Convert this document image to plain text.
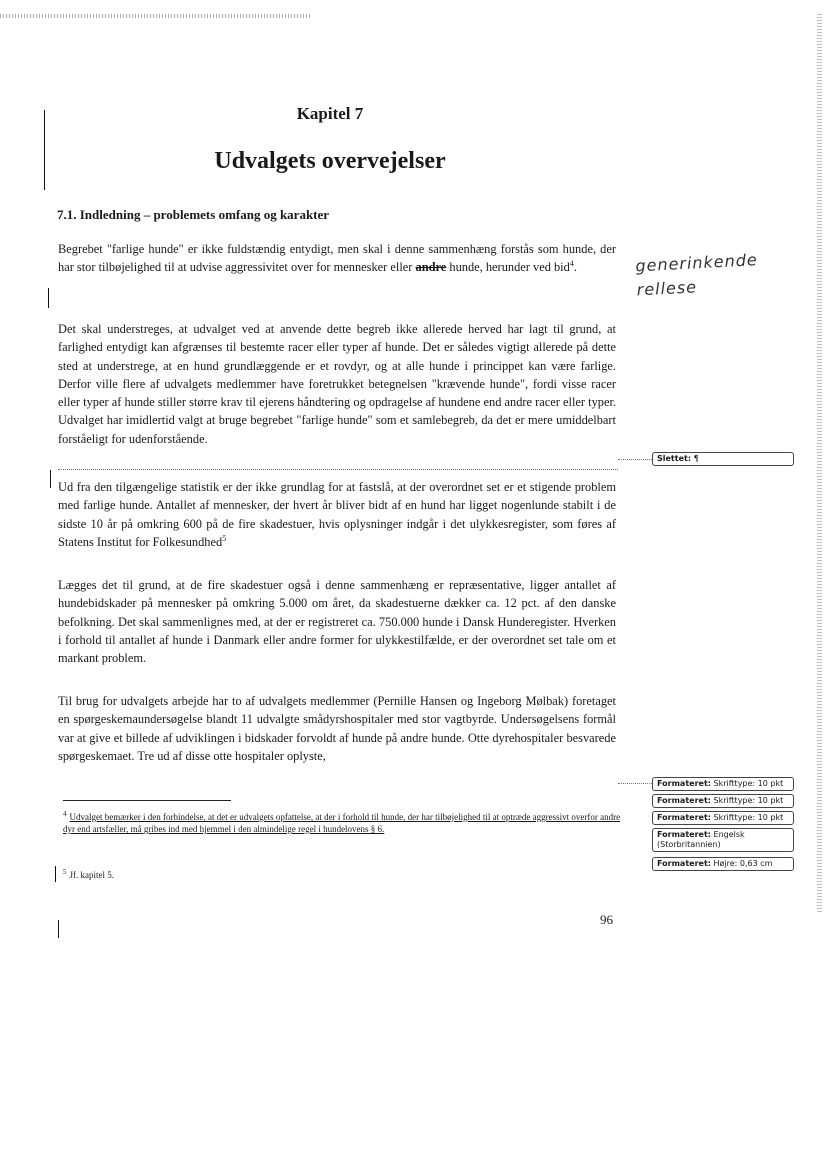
Kapitel 7
Udvalgets overvejelser
7.1. Indledning – problemets omfang og karakter
Begrebet "farlige hunde" er ikke fuldstændig entydigt, men skal i denne sammenhæng forstås som hunde, der har stor tilbøjelighed til at udvise aggressivitet over for mennesker eller andre hunde, herunder ved bid$^4$.
Det skal understreges, at udvalget ved at anvende dette begreb ikke allerede herved har lagt til grund, at farlighed entydigt kan afgrænses til bestemte racer eller typer af hunde. Det er således vigtigt allerede på dette sted at understrege, at en hund grundlæggende er et rovdyr, og at alle hunde i princippet kan være farlige. Derfor ville flere af udvalgets medlemmer have foretrukket betegnelsen "krævende hunde", fordi visse racer eller typer af hunde stiller større krav til ejerens håndtering og opdragelse af hundene end andre racer eller typer. Udvalget har imidlertid valgt at bruge begrebet "farlige hunde" som et samlebegreb, da det er mere umiddelbart forståeligt for udenforstående.
Ud fra den tilgængelige statistik er der ikke grundlag for at fastslå, at der overordnet set er et stigende problem med farlige hunde. Antallet af mennesker, der hvert år bliver bidt af en hund har ligget nogenlunde stabilt i de sidste 10 år på omkring 600 på de fire skadestuer, hvis oplysninger indgår i det ulykkesregister, som føres af Statens Institut for Folkesundhed$^5$
Lægges det til grund, at de fire skadestuer også i denne sammenhæng er repræsentative, ligger antallet af hundebidskader på mennesker på omkring 5.000 om året, da skadestuerne dækker ca. 12 pct. af den danske befolkning. Det skal sammenlignes med, at der er registreret ca. 750.000 hunde i Dansk Hunderegister. Hverken i forhold til antallet af hunde i Danmark eller andre former for ulykkestilfælde, er der overordnet set tale om et markant problem.
Til brug for udvalgets arbejde har to af udvalgets medlemmer (Pernille Hansen og Ingeborg Mølbak) foretaget en spørgeskemaundersøgelse blandt 11 udvalgte smådyrshospitaler med stor vagtbyrde. Undersøgelsens formål var at give et billede af udviklingen i bidskader forvoldt af hunde på andre hunde. Otte dyrehospitaler besvarede spørgeskemaet. Tre ud af disse otte hospitaler oplyste,
$^4$ Udvalget bemærker i den forbindelse, at det er udvalgets opfattelse, at der i forhold til hunde, der har tilbøjelighed til at optræde aggressivt overfor andre dyr end artsfæller, må gribes ind med hjemmel i den almindelige regel i hundelovens § 6.
$^5$ Jf. kapitel 5.
96
generinkende rellese
Slettet: ¶
Formateret: Skrifttype: 10 pkt
Formateret: Skrifttype: 10 pkt
Formateret: Skrifttype: 10 pkt
Formateret: Engelsk
(Storbritannien)
Formateret: Højre: 0,63 cm
